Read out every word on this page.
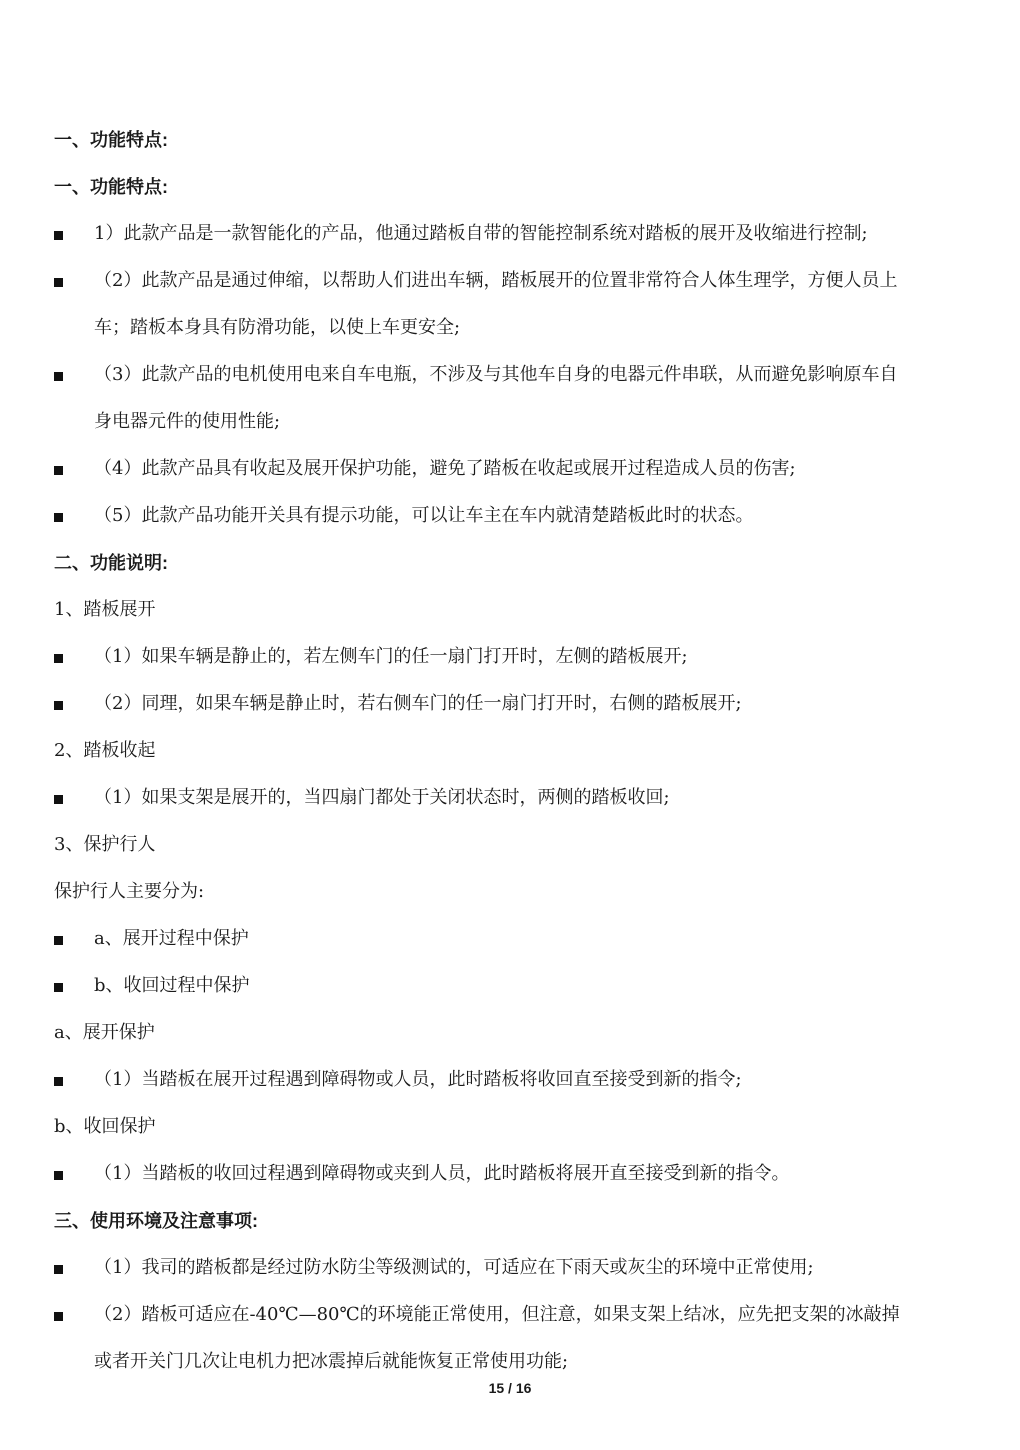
一、功能特点:
一、功能特点:
1）此款产品是一款智能化的产品，他通过踏板自带的智能控制系统对踏板的展开及收缩进行控制;
（2）此款产品是通过伸缩，以帮助人们进出车辆，踏板展开的位置非常符合人体生理学，方便人员上
车；踏板本身具有防滑功能，以使上车更安全;
（3）此款产品的电机使用电来自车电瓶，不涉及与其他车自身的电器元件串联，从而避免影响原车自
身电器元件的使用性能;
（4）此款产品具有收起及展开保护功能，避免了踏板在收起或展开过程造成人员的伤害;
（5）此款产品功能开关具有提示功能，可以让车主在车内就清楚踏板此时的状态。
二、功能说明:
1、踏板展开
（1）如果车辆是静止的，若左侧车门的任一扇门打开时，左侧的踏板展开;
（2）同理，如果车辆是静止时，若右侧车门的任一扇门打开时，右侧的踏板展开;
2、踏板收起
（1）如果支架是展开的，当四扇门都处于关闭状态时，两侧的踏板收回;
3、保护行人
保护行人主要分为:
a、展开过程中保护
b、收回过程中保护
a、展开保护
（1）当踏板在展开过程遇到障碍物或人员，此时踏板将收回直至接受到新的指令;
b、收回保护
（1）当踏板的收回过程遇到障碍物或夹到人员，此时踏板将展开直至接受到新的指令。
三、使用环境及注意事项:
（1）我司的踏板都是经过防水防尘等级测试的，可适应在下雨天或灰尘的环境中正常使用;
（2）踏板可适应在-40℃—80℃的环境能正常使用，但注意，如果支架上结冰，应先把支架的冰敲掉
或者开关门几次让电机力把冰震掉后就能恢复正常使用功能;
15 / 16
